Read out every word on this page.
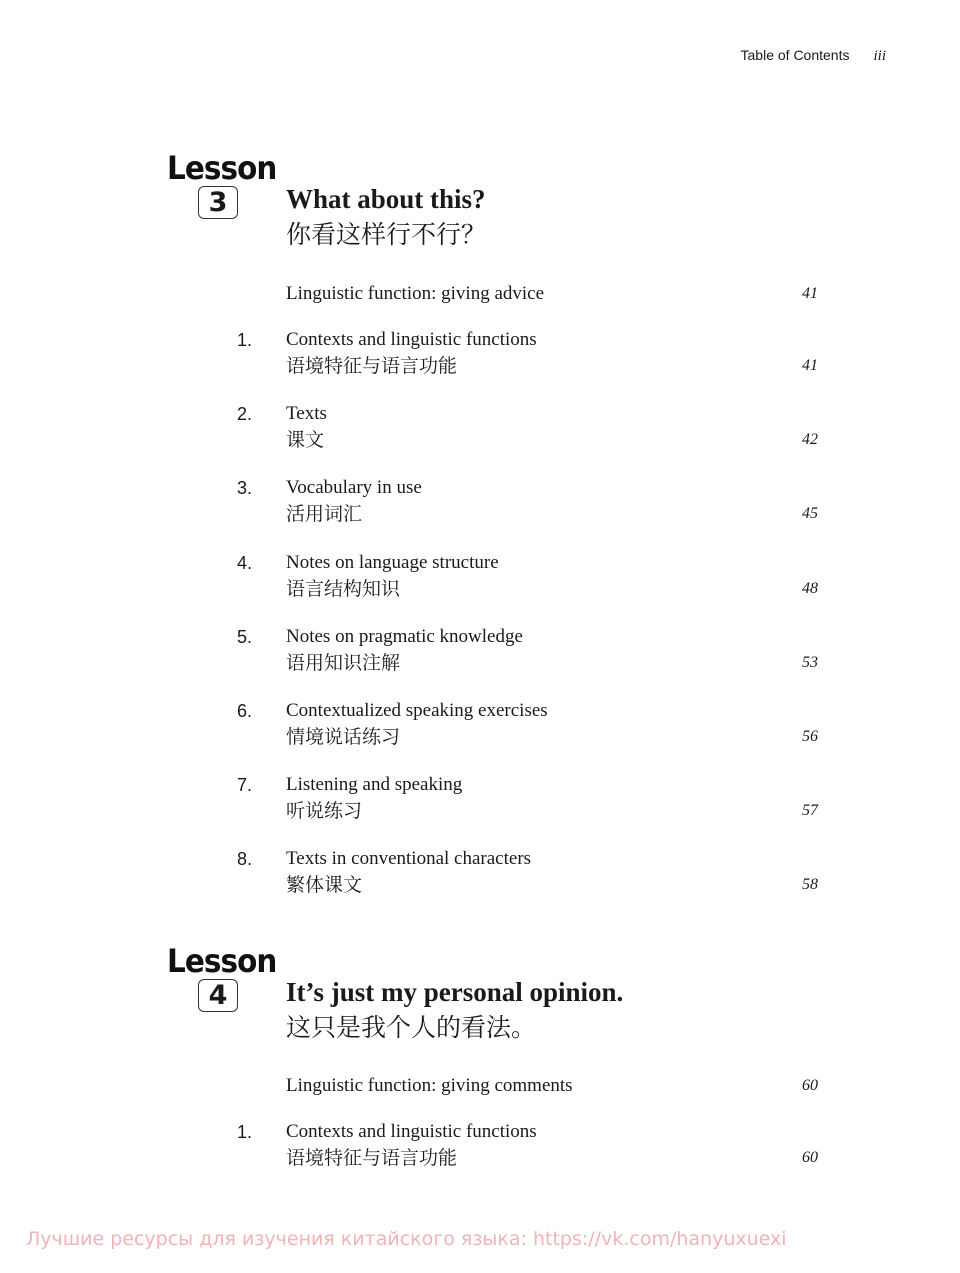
Table of Contents iii
Lesson
3	What about this?
你看这样行不行？
Linguistic function: giving advice	41
1. Contexts and linguistic functions
语境特征与语言功能	41
2. Texts
课文	42
3. Vocabulary in use
活用词汇	45
4. Notes on language structure
语言结构知识	48
5. Notes on pragmatic knowledge
语用知识注解	53
6. Contextualized speaking exercises
情境说话练习	56
7. Listening and speaking
听说练习	57
8. Texts in conventional characters
繁体课文	58
Lesson
4	It’s just my personal opinion.
这只是我个人的看法。
Linguistic function: giving comments	60
1. Contexts and linguistic functions
语境特征与语言功能	60
Лучшие ресурсы для изучения китайского языка: https://vk.com/hanyuxuexi
